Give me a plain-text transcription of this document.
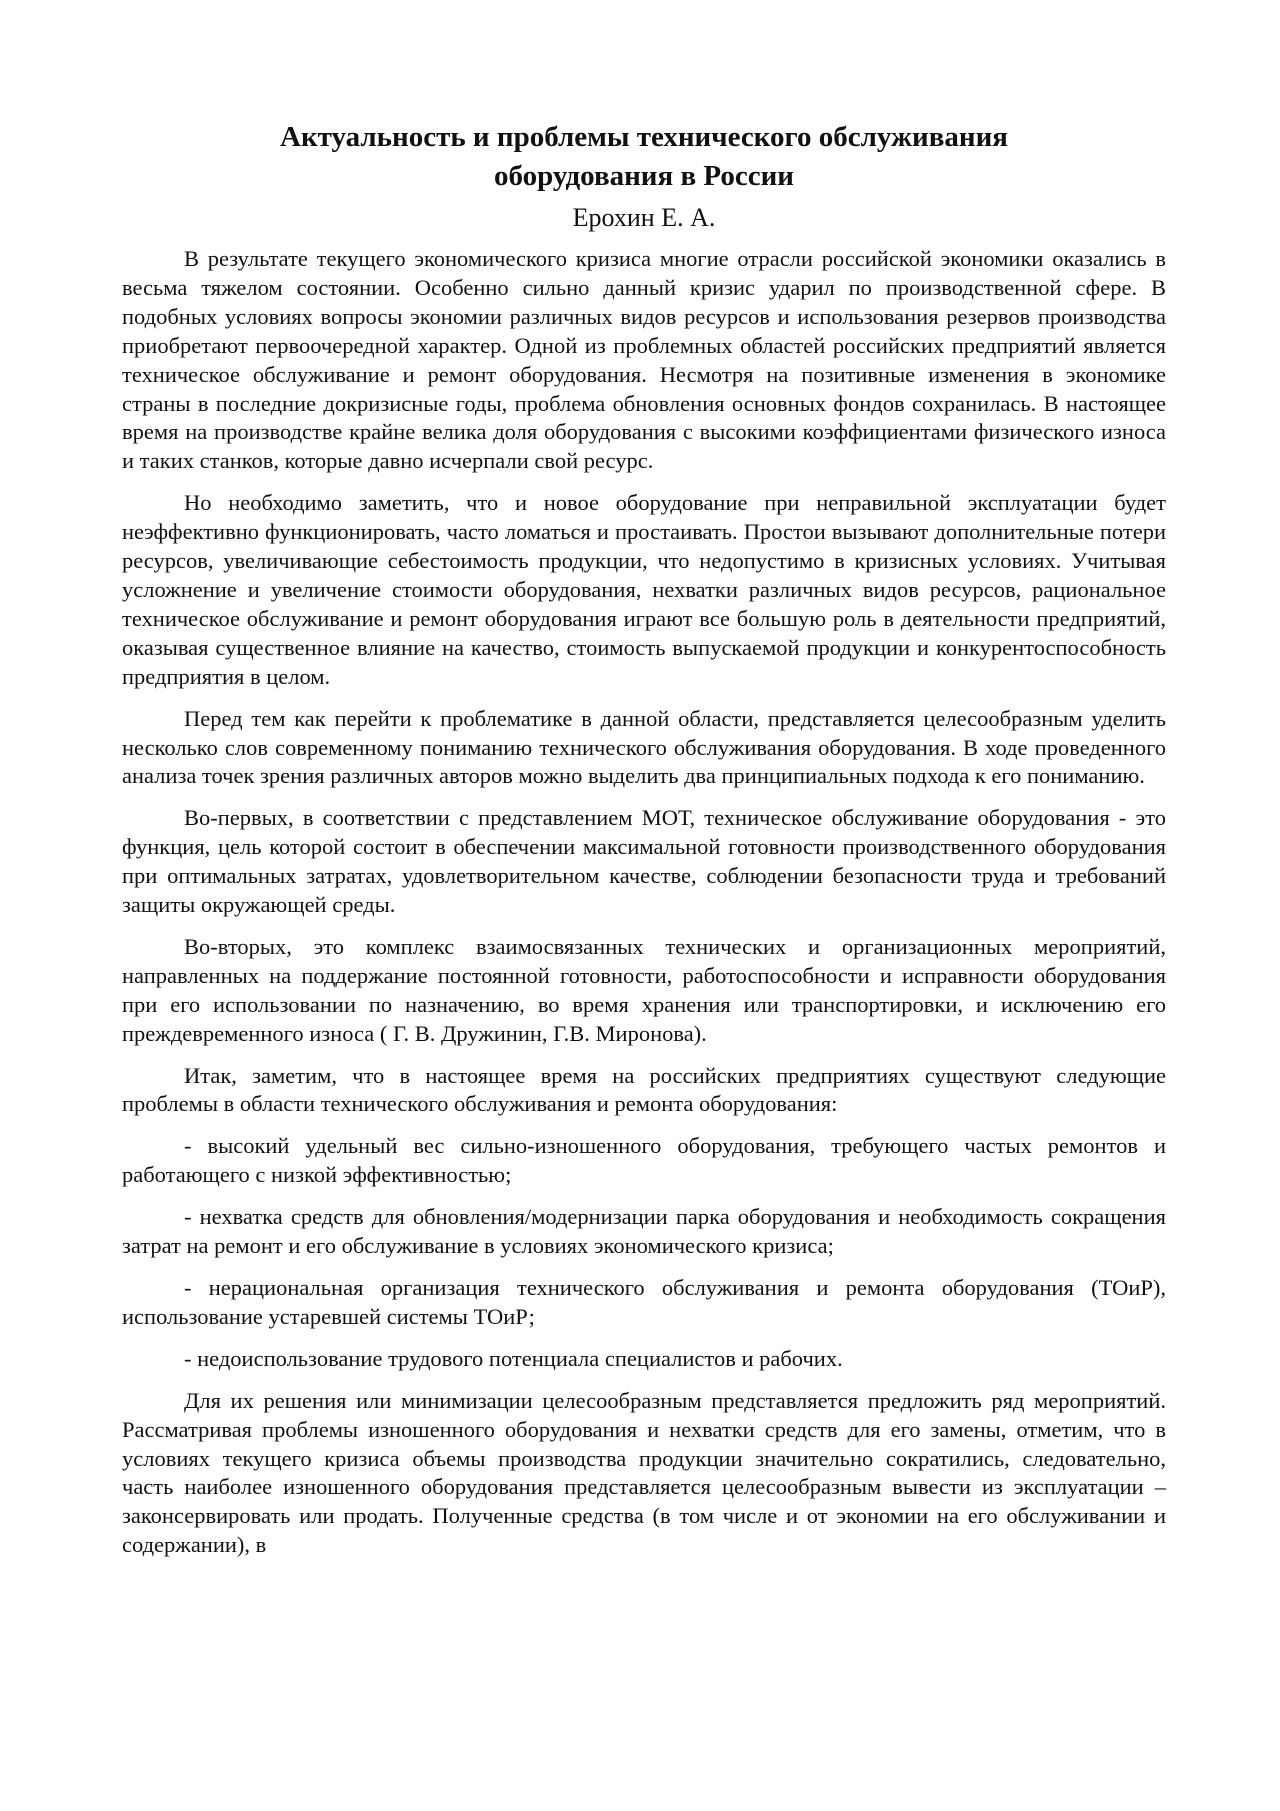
Актуальность и проблемы технического обслуживания
оборудования в России
Ерохин Е. А.

В результате текущего экономического кризиса многие отрасли российской экономики оказались в весьма тяжелом состоянии. Особенно сильно данный кризис ударил по производственной сфере. В подобных условиях вопросы экономии различных видов ресурсов и использования резервов производства приобретают первоочередной характер. Одной из проблемных областей российских предприятий является техническое обслуживание и ремонт оборудования. Несмотря на позитивные изменения в экономике страны в последние докризисные годы, проблема обновления основных фондов сохранилась. В настоящее время на производстве крайне велика доля оборудования с высокими коэффициентами физического износа и таких станков, которые давно исчерпали свой ресурс.

Но необходимо заметить, что и новое оборудование при неправильной эксплуатации будет неэффективно функционировать, часто ломаться и простаивать. Простои вызывают дополнительные потери ресурсов, увеличивающие себестоимость продукции, что недопустимо в кризисных условиях. Учитывая усложнение и увеличение стоимости оборудования, нехватки различных видов ресурсов, рациональное техническое обслуживание и ремонт оборудования играют все большую роль в деятельности предприятий, оказывая существенное влияние на качество, стоимость выпускаемой продукции и конкурентоспособность предприятия в целом.

Перед тем как перейти к проблематике в данной области, представляется целесообразным уделить несколько слов современному пониманию технического обслуживания оборудования. В ходе проведенного анализа точек зрения различных авторов можно выделить два принципиальных подхода к его пониманию.

Во-первых, в соответствии с представлением МОТ, техническое обслуживание оборудования - это функция, цель которой состоит в обеспечении максимальной готовности производственного оборудования при оптимальных затратах, удовлетворительном качестве, соблюдении безопасности труда и требований защиты окружающей среды.

Во-вторых, это комплекс взаимосвязанных технических и организационных мероприятий, направленных на поддержание постоянной готовности, работоспособности и исправности оборудования при его использовании по назначению, во время хранения или транспортировки, и исключению его преждевременного износа ( Г. В. Дружинин, Г.В. Миронова).

Итак, заметим, что в настоящее время на российских предприятиях существуют следующие проблемы в области технического обслуживания и ремонта оборудования:

- высокий удельный вес сильно-изношенного оборудования, требующего частых ремонтов и работающего с низкой эффективностью;

- нехватка средств для обновления/модернизации парка оборудования и необходимость сокращения затрат на ремонт и его обслуживание в условиях экономического кризиса;

- нерациональная организация технического обслуживания и ремонта оборудования (ТОиР), использование устаревшей системы ТОиР;

- недоиспользование трудового потенциала специалистов и рабочих.

Для их решения или минимизации целесообразным представляется предложить ряд мероприятий. Рассматривая проблемы изношенного оборудования и нехватки средств для его замены, отметим, что в условиях текущего кризиса объемы производства продукции значительно сократились, следовательно, часть наиболее изношенного оборудования представляется целесообразным вывести из эксплуатации – законсервировать или продать. Полученные средства (в том числе и от экономии на его обслуживании и содержании), в
